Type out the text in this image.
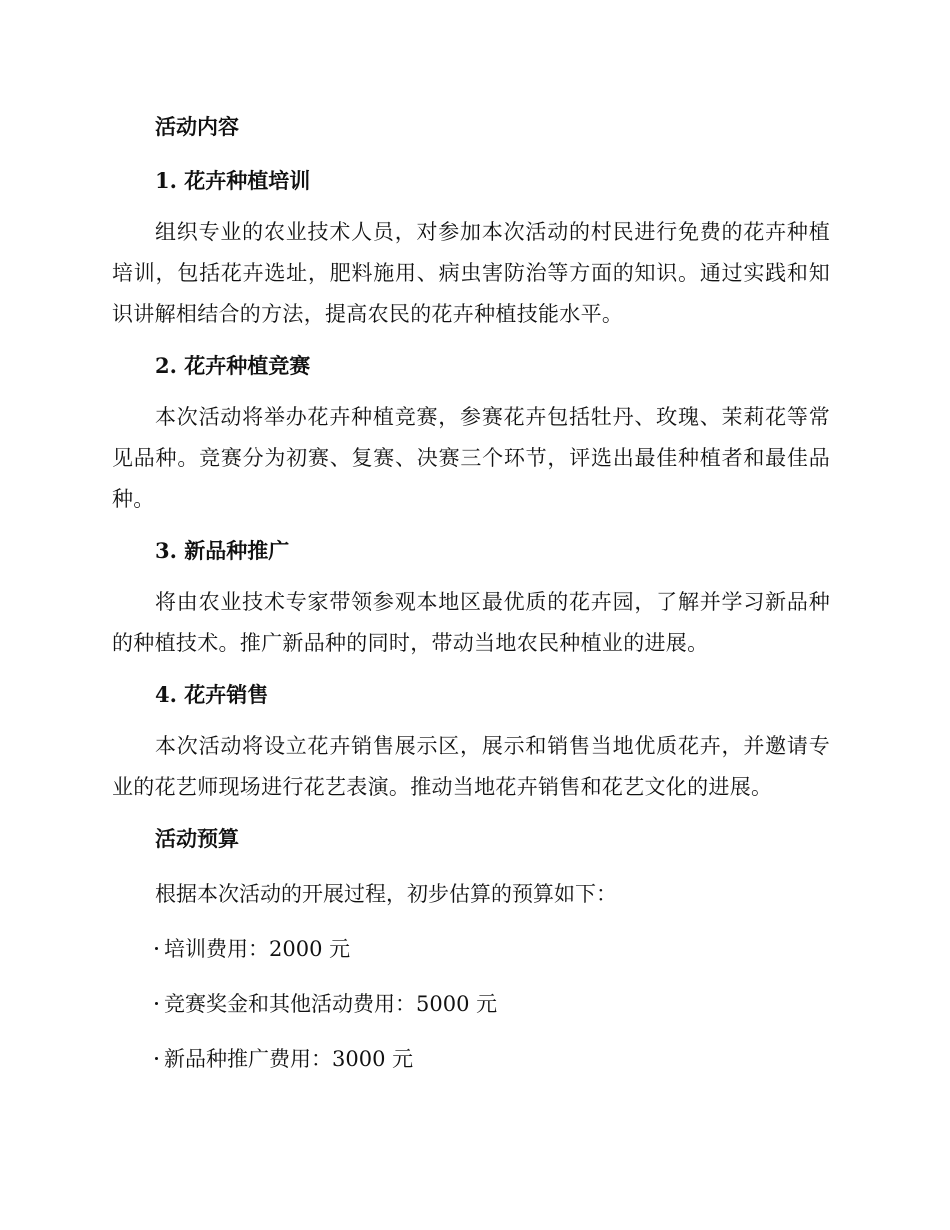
活动内容

1. 花卉种植培训

组织专业的农业技术人员，对参加本次活动的村民进行免费的花卉种植培训，包括花卉选址，肥料施用、病虫害防治等方面的知识。通过实践和知识讲解相结合的方法，提高农民的花卉种植技能水平。

2. 花卉种植竞赛

本次活动将举办花卉种植竞赛，参赛花卉包括牡丹、玫瑰、茉莉花等常见品种。竞赛分为初赛、复赛、决赛三个环节，评选出最佳种植者和最佳品种。

3. 新品种推广

将由农业技术专家带领参观本地区最优质的花卉园，了解并学习新品种的种植技术。推广新品种的同时，带动当地农民种植业的进展。

4. 花卉销售

本次活动将设立花卉销售展示区，展示和销售当地优质花卉，并邀请专业的花艺师现场进行花艺表演。推动当地花卉销售和花艺文化的进展。

活动预算

根据本次活动的开展过程，初步估算的预算如下：

培训费用：2000 元

竞赛奖金和其他活动费用：5000 元

新品种推广费用：3000 元
